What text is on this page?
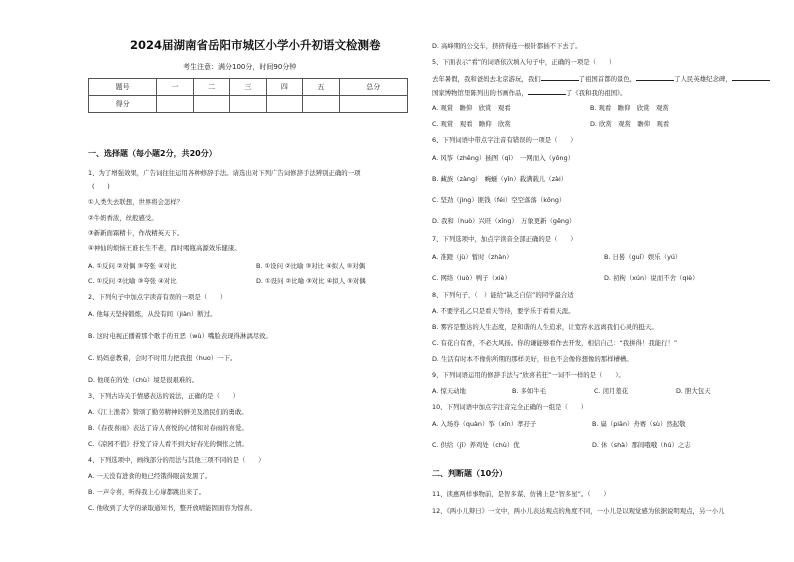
2024届湖南省岳阳市城区小学小升初语文检测卷
考生注意：满分100分，时间90分钟
题号	一	二	三	四	五	总分
得分						
一、选择题（每小题2分，共20分）
1、为了增强效果，广告词往往运用各种修辞手法。请选出对下列广告词修辞手法辨别正确的一项
(　　)
①人类失去联想，世界将会怎样？
②牛奶香浓，丝般感受。
③新新面霜精卡，作战精英天下。
④神仙的烦恼王谁长生不老，酉时喝瓶高源效乐健康。
A. ①反问 ②对偶 ③夸张 ④对比	B. ①设问 ②比喻 ③对比 ④拟人 ⑤对偶
C. ①反问 ②比喻 ③夸张 ④对比	D. ①设问 ②比喻 ③对比 ④拟人 ⑤对偶
2、下列句子中加点字读音有误的一项是（　　）
A. 他每天坚持锻炼，从没有间（jiàn）断过。
B. 这时电视正播着那个歌手的丑恶（wù）嘴脸表现得淋漓尽致。
C. 妈妈意教着，会时不时用力把我扭（huo）一下。
D. 他现在的处（chù）境是很艰难的。
3、下列古诗关于情感表达的说法，正确的是（　　）
A.《江上渔者》赞颂了勤劳精神的鲜美及渔民们的勇敢。
B.《春夜喜雨》表达了诗人喜悦的心情和对春雨的喜爱。
C.《凉园不值》抒发了诗人看不到大好春光的惆怅之情。
4、下列选项中，画线部分的用法与其他三项不同的是（　　）
A. 一天没有进食的他已经饿得眼前发黑了。
B. 一声令喜，听得我上心扉都跳出来了。
C. 他收到了大学的录取通知书，整开放晴能固面容为惊喜。
D. 高峰期的公交车，挤挤得连一根针都插不下去了。
5、下面表示“看”的词语依次填入句子中，正确的一项是（　　）
去年暑假，我和爸妈去北京游玩，我们	了祖国首都的景色，	了人民英雄纪念碑，
国家博物馆里陈列出的书画作品，	了《我和我的祖国》。
A. 观赏　瞻仰　欣赏　观看	B. 观看　瞻仰　欣赏　观赏
C. 观赏　观看　瞻仰　欣赏	D. 欣赏　观赏　瞻仰　观看
6、下列词语中带点字注音有错误的一项是（　　）
A. 风筝（zhēng）插图（qǐ）　一网而入（yǒng）
B. 藏族（zàng）　蜿蜒（yǐn）载满载儿（zài）
C. 坚劲（jìng）匪钱（féi）空空落落（kōng）
D. 我和（huò）兴旺（xīng）　万象更新（gēng）
7、下列选项中，加点字读音全部正确的是（　　）
A. 准蹬（jù）暂时（zhàn）	B. 日晷（guǐ）娱乐（yú）
C. 网络（luò）鸭子（xiè）	D. 初枸（xún）说而不舍（qiè）
8、下列句子，（　）能给“缺乏自信”的同学最合适
A. 不要学孔乙只是看天等待，要学乐于看看天涯。
B. 雾容是整达的人生态度，是和谐的人生追求，让宽容永远离我们心灵的挺天。
C. 有花自有香，不必大风扬。你的谦能够看作去开发，相信自己：“我拼得！我能行！”
D. 生活有时本不像你所期的那样美好，但也不会像你想像的那样槽槽。
9、下列词语运用的修辞手法与“欣喜若狂”一词不一样的是（　　）。
A. 惊天动地	B. 多如牛毛	C. 闭月羞花	D. 胆大包天
10、下列词语中加点字注音完全正确的一组是（　　）
A. 入场券（quàn）筝（xīn）孝孖子	B. 扁（piān）舟赛（sù）然起敬
C. 供给（jǐ）养鸡处（chù）优	D. 休（shà）那间哦哦（hú）之志
二、判断题（10分）
11、读惠两样事物前，是智多谋、仿佛上是“智多星”。（　　）
12、《两小儿辩日》一文中，两小儿表达观点的角度不同，一小儿是以观觉感为依据说明观点，另一小儿
